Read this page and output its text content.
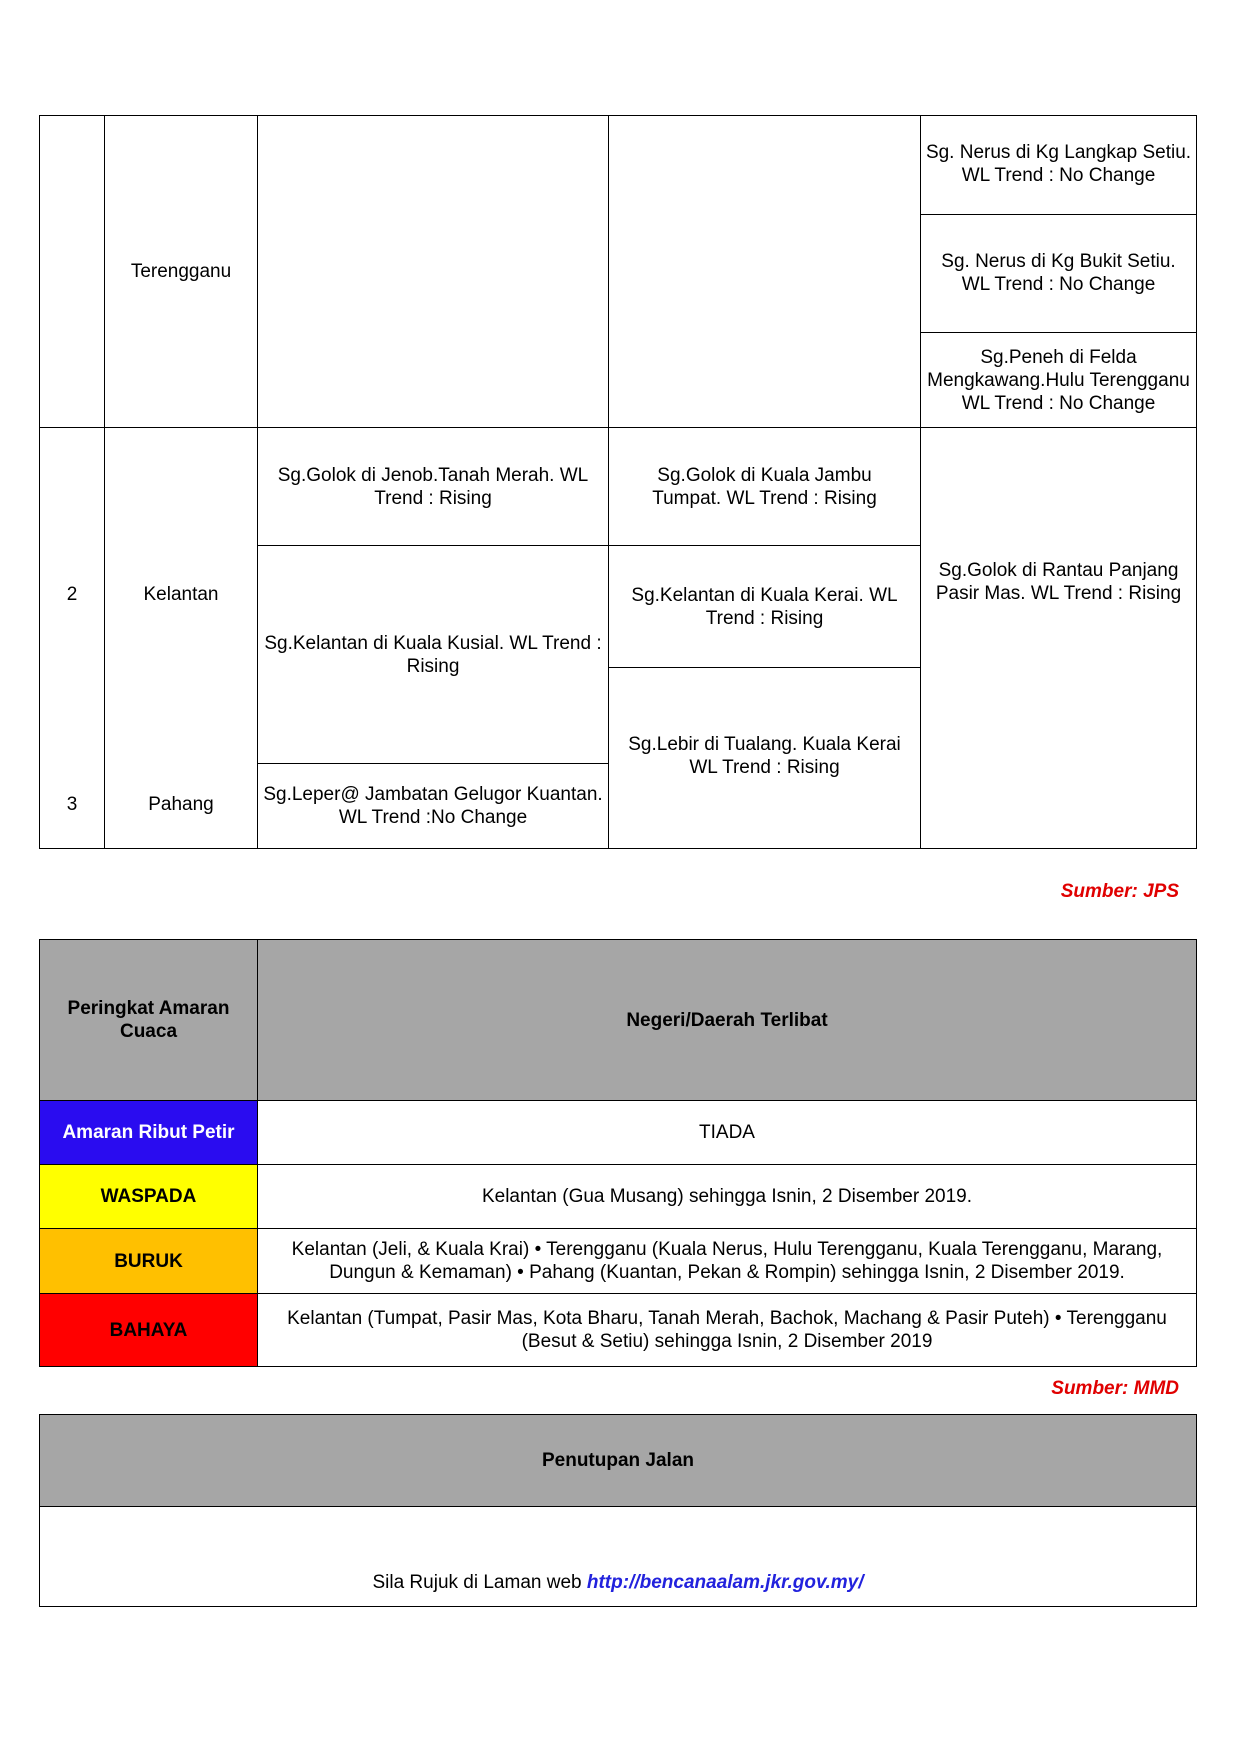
Terengganu
Sg. Nerus di Kg Langkap Setiu. WL Trend : No Change
Sg. Nerus di Kg Bukit Setiu. WL Trend : No Change
Sg.Peneh di Felda Mengkawang.Hulu Terengganu WL Trend : No Change
2
3
Kelantan
Pahang
Sg.Golok di Jenob.Tanah Merah. WL Trend : Rising
Sg.Kelantan di Kuala Kusial. WL Trend : Rising
Sg.Leper@ Jambatan Gelugor Kuantan. WL Trend :No Change
Sg.Golok di Kuala Jambu Tumpat. WL Trend : Rising
Sg.Kelantan di Kuala Kerai. WL Trend : Rising
Sg.Lebir di Tualang. Kuala Kerai WL Trend : Rising
Sg.Golok di Rantau Panjang Pasir Mas. WL Trend : Rising
Sumber: JPS
Peringkat Amaran Cuaca
Negeri/Daerah Terlibat
Amaran Ribut Petir	TIADA
WASPADA	Kelantan (Gua Musang) sehingga Isnin, 2 Disember 2019.
BURUK
Kelantan (Jeli, & Kuala Krai) • Terengganu (Kuala Nerus, Hulu Terengganu, Kuala Terengganu, Marang, Dungun & Kemaman) • Pahang (Kuantan, Pekan & Rompin) sehingga Isnin, 2 Disember 2019.
BAHAYA
Kelantan (Tumpat, Pasir Mas, Kota Bharu, Tanah Merah, Bachok, Machang & Pasir Puteh) • Terengganu (Besut & Setiu) sehingga Isnin, 2 Disember 2019
Sumber: MMD
Penutupan Jalan
Sila Rujuk di Laman web
http://bencanaalam.jkr.gov.my/
